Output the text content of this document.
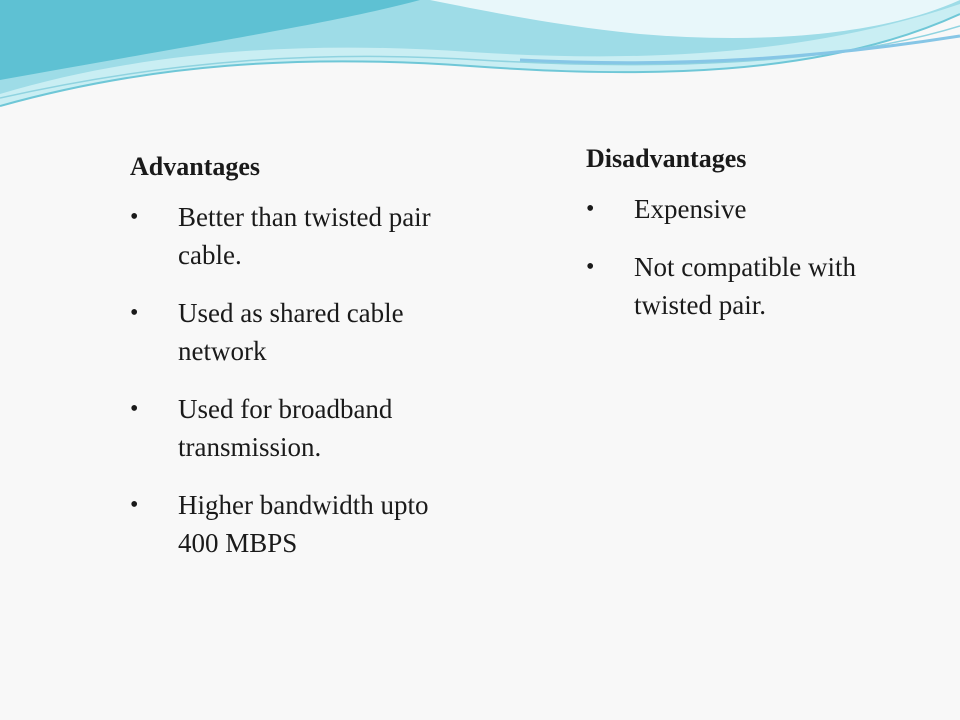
Advantages
• Better than twisted pair cable.
• Used as shared cable network
• Used for broadband transmission.
• Higher bandwidth upto 400 MBPS
Disadvantages
• Expensive
• Not compatible with twisted pair.
